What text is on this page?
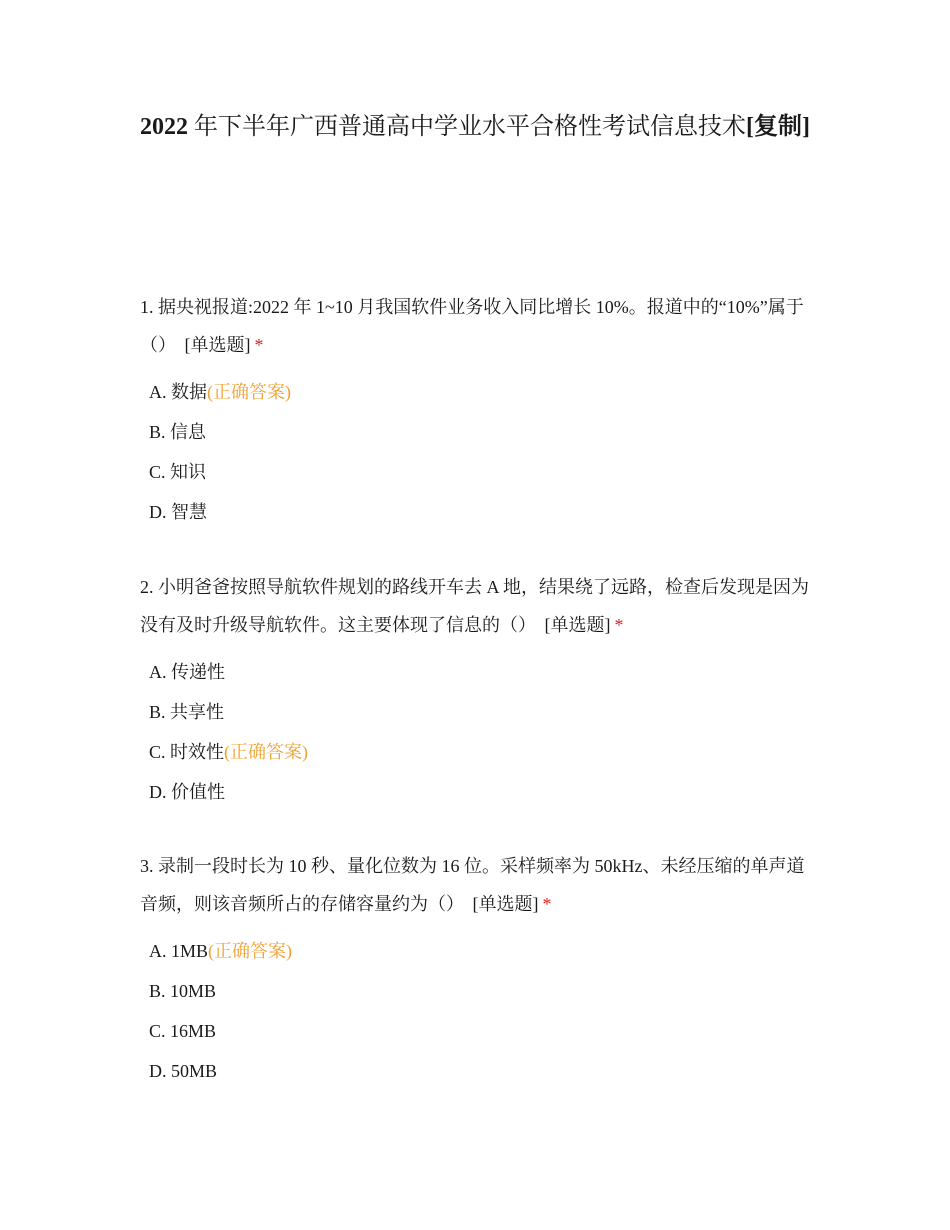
2022 年下半年广西普通高中学业水平合格性考试信息技术[复制]

1. 据央视报道:2022 年 1~10 月我国软件业务收入同比增长 10%。报道中的“10%”属于（） [单选题] *

A. 数据(正确答案)
B. 信息
C. 知识
D. 智慧

2. 小明爸爸按照导航软件规划的路线开车去 A 地，结果绕了远路，检查后发现是因为没有及时升级导航软件。这主要体现了信息的（） [单选题] *

A. 传递性
B. 共享性
C. 时效性(正确答案)
D. 价值性

3. 录制一段时长为 10 秒、量化位数为 16 位。采样频率为 50kHz、未经压缩的单声道音频，则该音频所占的存储容量约为（） [单选题] *

A. 1MB(正确答案)
B. 10MB
C. 16MB
D. 50MB
